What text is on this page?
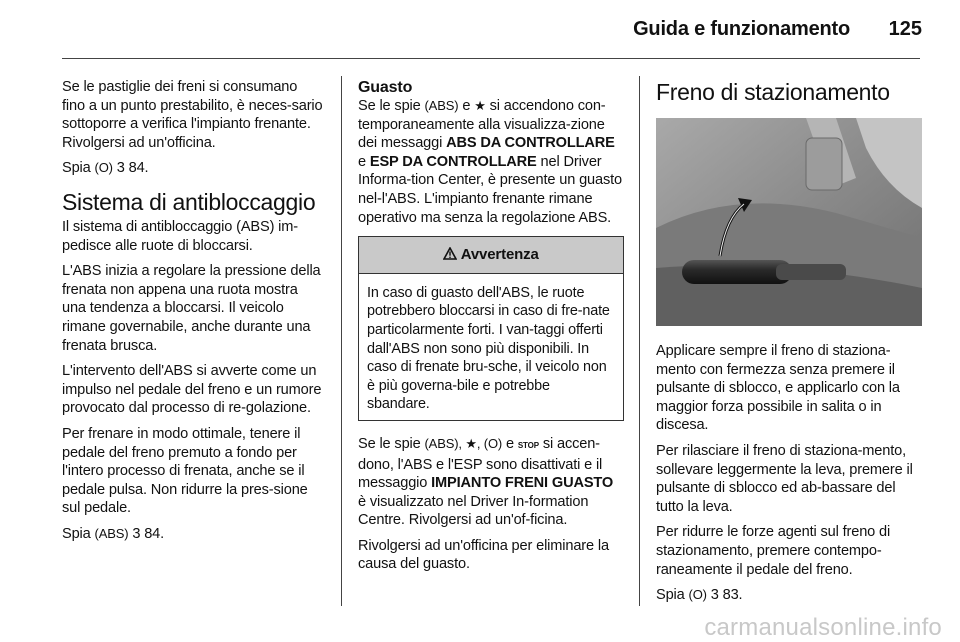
Guida e funzionamento	125

Se le pastiglie dei freni si consumano fino a un punto prestabilito, è neces-sario sottoporre a verifica l'impianto frenante. Rivolgersi ad un'officina.

Spia (O) 3 84.

Sistema di antibloccaggio

Il sistema di antibloccaggio (ABS) im-pedisce alle ruote di bloccarsi.

L'ABS inizia a regolare la pressione della frenata non appena una ruota mostra una tendenza a bloccarsi. Il veicolo rimane governabile, anche durante una frenata brusca.

L'intervento dell'ABS si avverte come un impulso nel pedale del freno e un rumore provocato dal processo di re-golazione.

Per frenare in modo ottimale, tenere il pedale del freno premuto a fondo per l'intero processo di frenata, anche se il pedale pulsa. Non ridurre la pres-sione sul pedale.

Spia (ABS) 3 84.

Guasto

Se le spie (ABS) e ★ si accendono con-temporaneamente alla visualizza-zione dei messaggi ABS DA CONTROLLARE e ESP DA CONTROLLARE nel Driver Informa-tion Center, è presente un guasto nel-l'ABS. L'impianto frenante rimane operativo ma senza la regolazione ABS.

Avvertenza
In caso di guasto dell'ABS, le ruote potrebbero bloccarsi in caso di fre-nate particolarmente forti. I van-taggi offerti dall'ABS non sono più disponibili. In caso di frenate bru-sche, il veicolo non è più governa-bile e potrebbe sbandare.

Se le spie (ABS), ★, (O) e STOP si accen-dono, l'ABS e l'ESP sono disattivati e il messaggio IMPIANTO FRENI GUASTO è visualizzato nel Driver In-formation Centre. Rivolgersi ad un'of-ficina.

Rivolgersi ad un'officina per eliminare la causa del guasto.

Freno di stazionamento

Applicare sempre il freno di staziona-mento con fermezza senza premere il pulsante di sblocco, e applicarlo con la maggior forza possibile in salita o in discesa.

Per rilasciare il freno di staziona-mento, sollevare leggermente la leva, premere il pulsante di sblocco ed ab-bassare del tutto la leva.

Per ridurre le forze agenti sul freno di stazionamento, premere contempo-raneamente il pedale del freno.

Spia (O) 3 83.

carmanualsonline.info
